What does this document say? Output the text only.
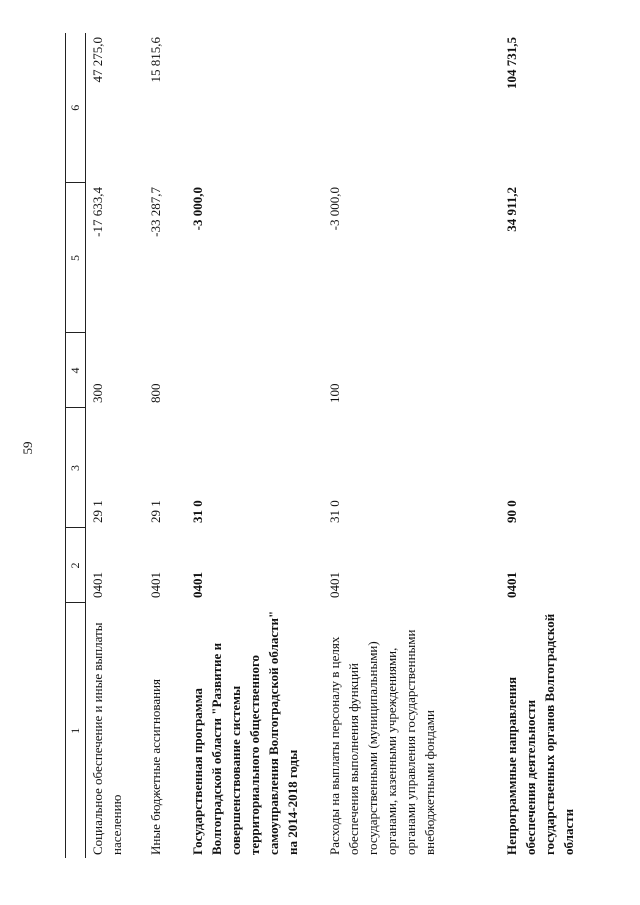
59
1	2	3	4	5	6
Социальное обеспечение и иные выплаты населению	0401	29 1	300	-17 633,4	47 275,0
Иные бюджетные ассигнования	0401	29 1	800	-33 287,7	15 815,6
Государственная программа Волгоградской области "Развитие и совершенствование системы территориального общественного самоуправления Волгоградской области" на 2014-2018 годы	0401	31 0		-3 000,0	
Расходы на выплаты персоналу в целях обеспечения выполнения функций государственными (муниципальными) органами, казенными учреждениями, органами управления государственными внебюджетными фондами	0401	31 0	100	-3 000,0	
Непрограммные направления обеспечения деятельности государственных органов Волгоградской области	0401	90 0		34 911,2	104 731,5
